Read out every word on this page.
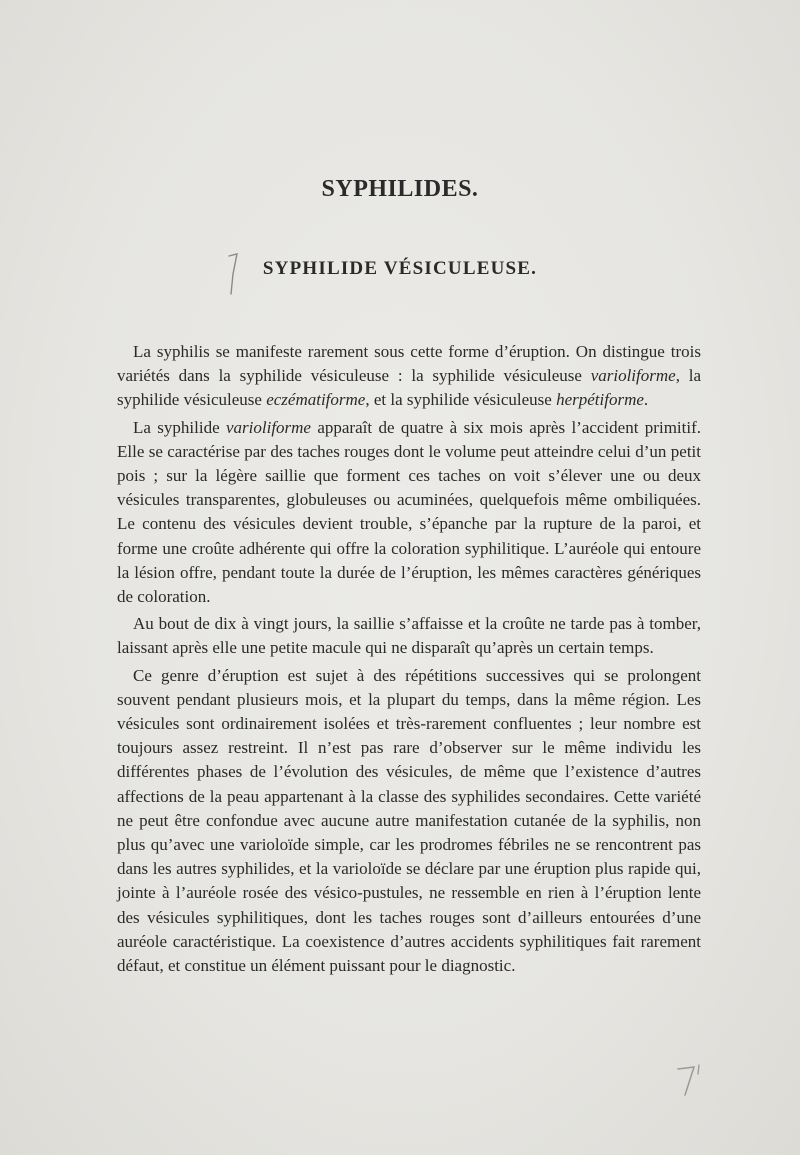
SYPHILIDES.
SYPHILIDE VÉSICULEUSE.

La syphilis se manifeste rarement sous cette forme d’éruption. On distingue trois variétés dans la syphilide vésiculeuse : la syphilide vésiculeuse varioliforme, la syphilide vésiculeuse eczématiforme, et la syphilide vésiculeuse herpétiforme.

La syphilide varioliforme apparaît de quatre à six mois après l’accident primitif. Elle se caractérise par des taches rouges dont le volume peut atteindre celui d’un petit pois ; sur la légère saillie que forment ces taches on voit s’élever une ou deux vésicules transparentes, globuleuses ou acuminées, quelquefois même ombiliquées. Le contenu des vésicules devient trouble, s’épanche par la rupture de la paroi, et forme une croûte adhérente qui offre la coloration syphilitique. L’auréole qui entoure la lésion offre, pendant toute la durée de l’éruption, les mêmes caractères génériques de coloration.

Au bout de dix à vingt jours, la saillie s’affaisse et la croûte ne tarde pas à tomber, laissant après elle une petite macule qui ne disparaît qu’après un certain temps.

Ce genre d’éruption est sujet à des répétitions successives qui se prolongent souvent pendant plusieurs mois, et la plupart du temps, dans la même région. Les vésicules sont ordinairement isolées et très-rarement confluentes ; leur nombre est toujours assez restreint. Il n’est pas rare d’observer sur le même individu les différentes phases de l’évolution des vésicules, de même que l’existence d’autres affections de la peau appartenant à la classe des syphilides secondaires. Cette variété ne peut être confondue avec aucune autre manifestation cutanée de la syphilis, non plus qu’avec une varioloïde simple, car les prodromes fébriles ne se rencontrent pas dans les autres syphilides, et la varioloïde se déclare par une éruption plus rapide qui, jointe à l’auréole rosée des vésico-pustules, ne ressemble en rien à l’éruption lente des vésicules syphilitiques, dont les taches rouges sont d’ailleurs entourées d’une auréole caractéristique. La coexistence d’autres accidents syphilitiques fait rarement défaut, et constitue un élément puissant pour le diagnostic.
